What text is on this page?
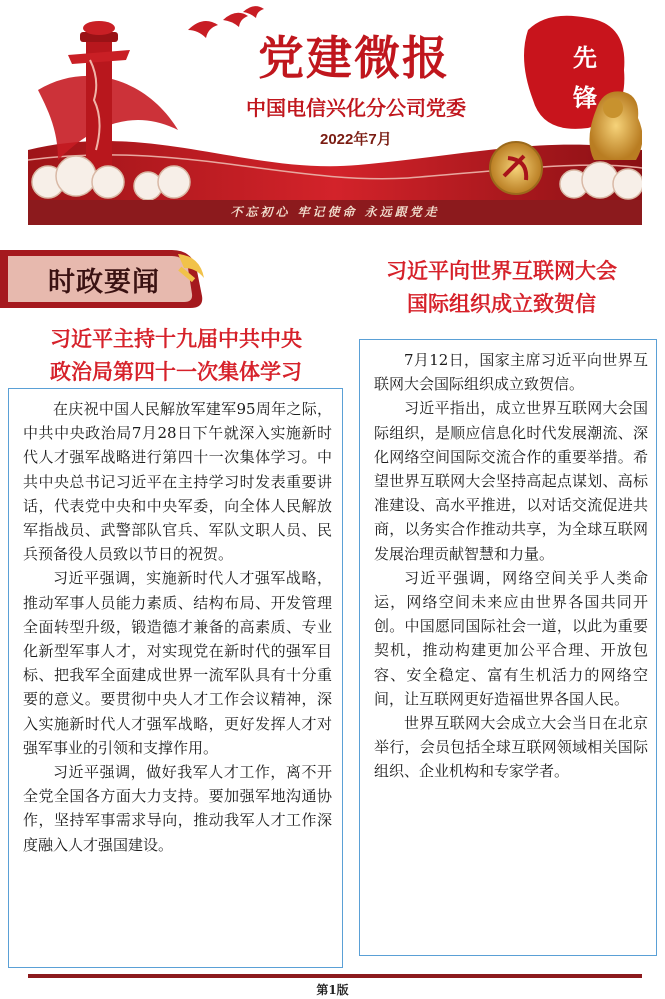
党建微报
中国电信兴化分公司党委
2022年7月
先
锋
不忘初心 牢记使命 永远跟党走
时政要闻	习近平向世界互联网大会
国际组织成立致贺信
习近平主持十九届中共中央
政治局第四十一次集体学习	7月12日，国家主席习近平向世界互联网大会国际组织成立致贺信。

习近平指出，成立世界互联网大会国际组织，是顺应信息化时代发展潮流、深化网络空间国际交流合作的重要举措。希望世界互联网大会坚持高起点谋划、高标准建设、高水平推进，以对话交流促进共商，以务实合作推动共享，为全球互联网发展治理贡献智慧和力量。

习近平强调，网络空间关乎人类命运，网络空间未来应由世界各国共同开创。中国愿同国际社会一道，以此为重要契机，推动构建更加公平合理、开放包容、安全稳定、富有生机活力的网络空间，让互联网更好造福世界各国人民。

世界互联网大会成立大会当日在北京举行，会员包括全球互联网领域相关国际组织、企业机构和专家学者。

在庆祝中国人民解放军建军95周年之际，中共中央政治局7月28日下午就深入实施新时代人才强军战略进行第四十一次集体学习。中共中央总书记习近平在主持学习时发表重要讲话，代表党中央和中央军委，向全体人民解放军指战员、武警部队官兵、军队文职人员、民兵预备役人员致以节日的祝贺。

习近平强调，实施新时代人才强军战略，推动军事人员能力素质、结构布局、开发管理全面转型升级，锻造德才兼备的高素质、专业化新型军事人才，对实现党在新时代的强军目标、把我军全面建成世界一流军队具有十分重要的意义。要贯彻中央人才工作会议精神，深入实施新时代人才强军战略，更好发挥人才对强军事业的引领和支撑作用。

习近平强调，做好我军人才工作，离不开全党全国各方面大力支持。要加强军地沟通协作，坚持军事需求导向，推动我军人才工作深度融入人才强国建设。

第1版
